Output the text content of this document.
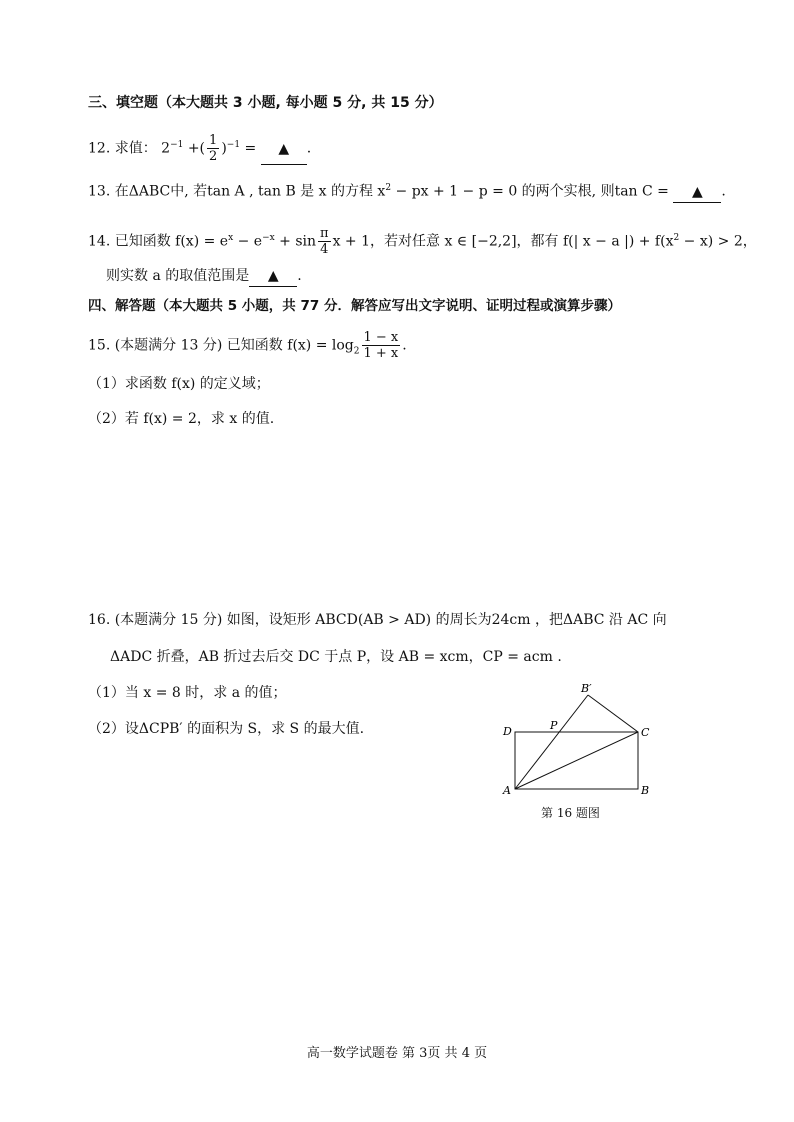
三、填空题（本大题共 3 小题, 每小题 5 分, 共 15 分）
12. 求值： $2^{-1}$ +( $\frac{1}{2} )^{-1}$ = ▲ .
13. 在ΔABC中, 若tan A , tan B 是 x 的方程 $x^2$ − px + 1 − p = 0 的两个实根, 则tan C = ▲ .
14. 已知函数 $f(x) = e^x - e^{-x} + \sin \frac{\pi}{4}$ x + 1，若对任意 x ∈ [−2,2]，都有 f(| x − a |) + $f(x^2 - x) > 2$，
则实数 a 的取值范围是 ▲ .
四、解答题（本大题共 5 小题，共 77 分．解答应写出文字说明、证明过程或演算步骤）
15. (本题满分 13 分) 已知函数 $f(x) = \log_2 \frac{1 - x}{1 + x}$ .
（1）求函数 f(x) 的定义域；
（2）若 f(x) = 2，求 x 的值.
16. (本题满分 15 分) 如图，设矩形 ABCD(AB > AD) 的周长为24cm ，把ΔABC 沿 AC 向
ΔADC 折叠，AB 折过去后交 DC 于点 P，设 AB = xcm，CP = acm .
（1）当 x = 8 时，求 a 的值；
（2）设ΔCPB′ 的面积为 S，求 S 的最大值.
A	B
C
D	P
B′
第 16 题图
高一数学试题卷 第 3页 共 4 页
